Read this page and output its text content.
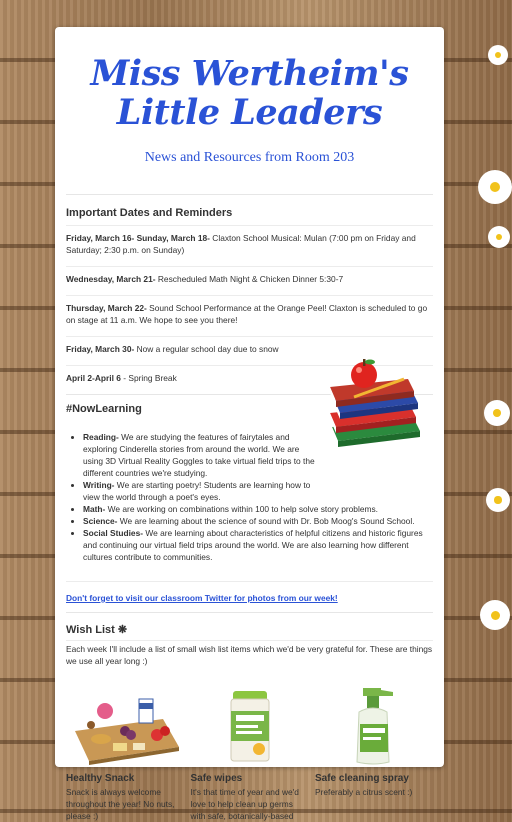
Miss Wertheim's
Little Leaders
News and Resources from Room 203
Important Dates and Reminders
Friday, March 16- Sunday, March 18- Claxton School Musical: Mulan (7:00 pm on Friday and Saturday; 2:30 p.m. on Sunday)
Wednesday, March 21- Rescheduled Math Night & Chicken Dinner 5:30-7
Thursday, March 22- Sound School Performance at the Orange Peel! Claxton is scheduled to go on stage at 11 a.m. We hope to see you there!
Friday, March 30- Now a regular school day due to snow
April 2-April 6 - Spring Break
#NowLearning
• Reading- We are studying the features of fairytales and exploring Cinderella stories from around the world. We are using 3D Virtual Reality Goggles to take virtual field trips to the different countries we're studying.
• Writing- We are starting poetry! Students are learning how to view the world through a poet's eyes.
• Math- We are working on combinations within 100 to help solve story problems.
• Science- We are learning about the science of sound with Dr. Bob Moog's Sound School.
• Social Studies- We are learning about characteristics of helpful citizens and historic figures and continuing our virtual field trips around the world. We are also learning how different cultures contribute to communities.
Don't forget to visit our classroom Twitter for photos from our week!
Wish List ❋
Each week I'll include a list of small wish list items which we'd be very grateful for. These are things we use all year long :)
Healthy Snack

Snack is always welcome throughout the year! No nuts, please :)

Safe wipes

It's that time of year and we'd love to help clean up germs with safe, botanically-based

Safe cleaning spray

Preferably a citrus scent :)
